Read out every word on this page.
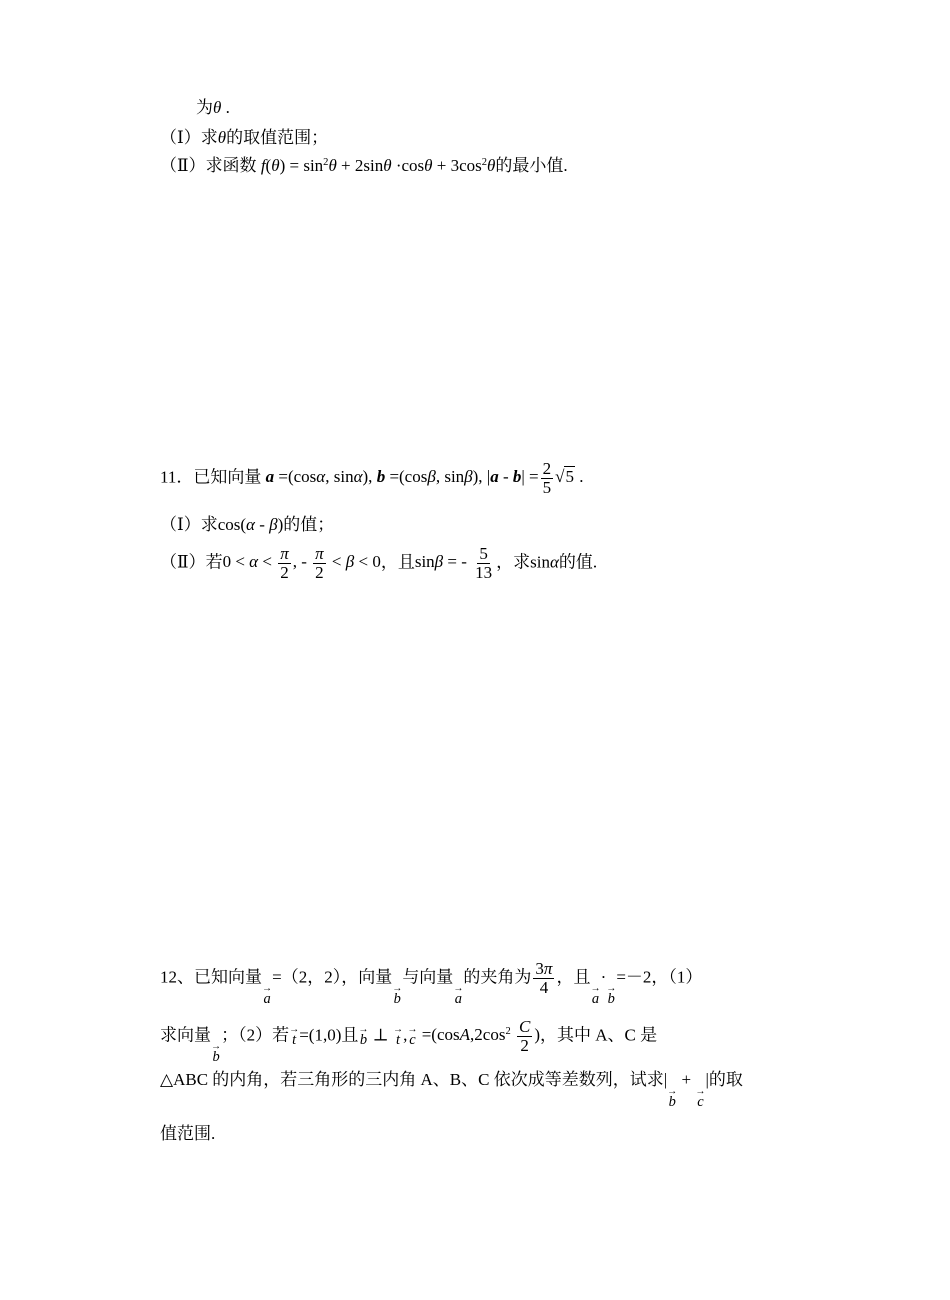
为θ .
（Ⅰ）求θ的取值范围；
（Ⅱ）求函数 $f(\theta) = \sin^2\theta + 2\sin\theta \cdot\cos\theta + 3\cos^2\theta$的最小值.
11．已知向量 a =(cosα, sinα), b =(cosβ, sinβ), $|a - b| = \frac{2}{5} √5$ .
（Ⅰ）求cos(α - β)的值；
（Ⅱ）若$0 < \alpha < \frac{\pi}{2}$ , - $\frac{\pi}{2} < \beta < 0$，且sinβ = - $\frac{5}{13}$ ，求sinα的值.
12、已知向量
→
a
=（2，2），向量
→
b
与向量
→
a
的夹角为 $\frac{3\pi}{4}$ ，且
→
a
·
→
b
=－2，（1）
求向量
→
b
；（2）若 →
t =(1,0)且 →
b ⊥ →
t , →
$c =(\cos A,2\cos^2 \frac{C}{2}$ )，其中 A、C 是
△ABC 的内角，若三角形的三内角 A、B、C 依次成等差数列，试求|
→
b
+
→
c
|的取
值范围.
